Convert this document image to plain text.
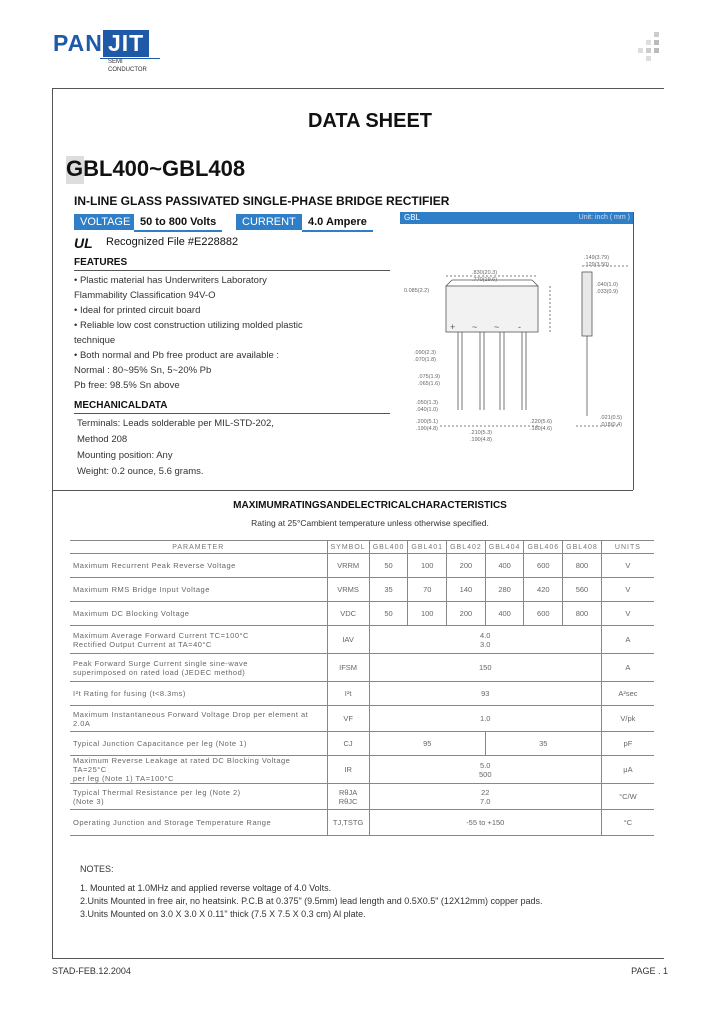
PAN JIT
SEMI
CONDUCTOR
DATA SHEET
GBL400~GBL408
IN-LINE GLASS PASSIVATED SINGLE-PHASE BRIDGE RECTIFIER
VOLTAGE 50 to 800 Volts	CURRENT	4.0 Ampere	GBL	Unit: inch ( mm )
UL Recognized File #E228882
FEATURES
• Plastic material has Underwriters Laboratory
Flammability Classification 94V-O
• Ideal for printed circuit board
• Reliable low cost construction utilizing molded plastic
technique
• Both normal and Pb free product are available :
Normal : 80~95% Sn, 5~20% Pb
Pb free: 98.5% Sn above
MECHANICALDATA
Terminals: Leads solderable per MIL-STD-202,
Method 208
Mounting position: Any
Weight: 0.2 ounce, 5.6 grams.
+ ~ ~ -
.830(20.3)
.770(19.6)
0.085(2.2)
.149(3.79)
.129(3.50)
.040(1.0)
.033(0.9)
.090(2.3)
.070(1.8)
.075(1.9)
.065(1.6)
.050(1.3)
.040(1.0)
.200(5.1)
.190(4.8)
.210(5.3)
.190(4.8)
.220(5.6)
.180(4.6)
.021(0.5)
.018(0.4)
MAXIMUMRATINGSANDELECTRICALCHARACTERISTICS
Rating at 25°Cambient temperature unless otherwise specified.
PARAMETER	SYMBOL	GBL400	GBL401	GBL402	GBL404	GBL406	GBL408	UNITS
Maximum Recurrent Peak Reverse Voltage	VRRM	50	100	200	400	600	800	V
Maximum RMS Bridge Input Voltage	VRMS	35	70	140	280	420	560	V
Maximum DC Blocking Voltage	VDC	50	100	200	400	600	800	V
Maximum Average Forward Current TC=100°C
Rectified Output Current at TA=40°C	IAV	4.0
3.0						A
Peak Forward Surge Current single sine-wave
superimposed on rated load (JEDEC method)	IFSM	150						A
I²t Rating for fusing (t<8.3ms)	I²t	93						A²sec
Maximum Instantaneous Forward Voltage Drop per element at
2.0A	VF	1.0						V/pk
Typical Junction Capacitance per leg (Note 1)	CJ	95			35			pF
Maximum Reverse Leakage at rated DC Blocking Voltage TA=25°C
per leg (Note 1) TA=100°C	IR	5.0
500						μA
Typical Thermal Resistance per leg (Note 2)
(Note 3)	RθJA
RθJC	22
7.0						°C/W
Operating Junction and Storage Temperature Range	TJ,TSTG	-55 to +150						°C
NOTES:
1. Mounted at 1.0MHz and applied reverse voltage of 4.0 Volts.
2.Units Mounted in free air, no heatsink. P.C.B at 0.375" (9.5mm) lead length and 0.5X0.5" (12X12mm) copper pads.
3.Units Mounted on 3.0 X 3.0 X 0.11" thick (7.5 X 7.5 X 0.3 cm) Al plate.
STAD-FEB.12.2004	PAGE . 1
